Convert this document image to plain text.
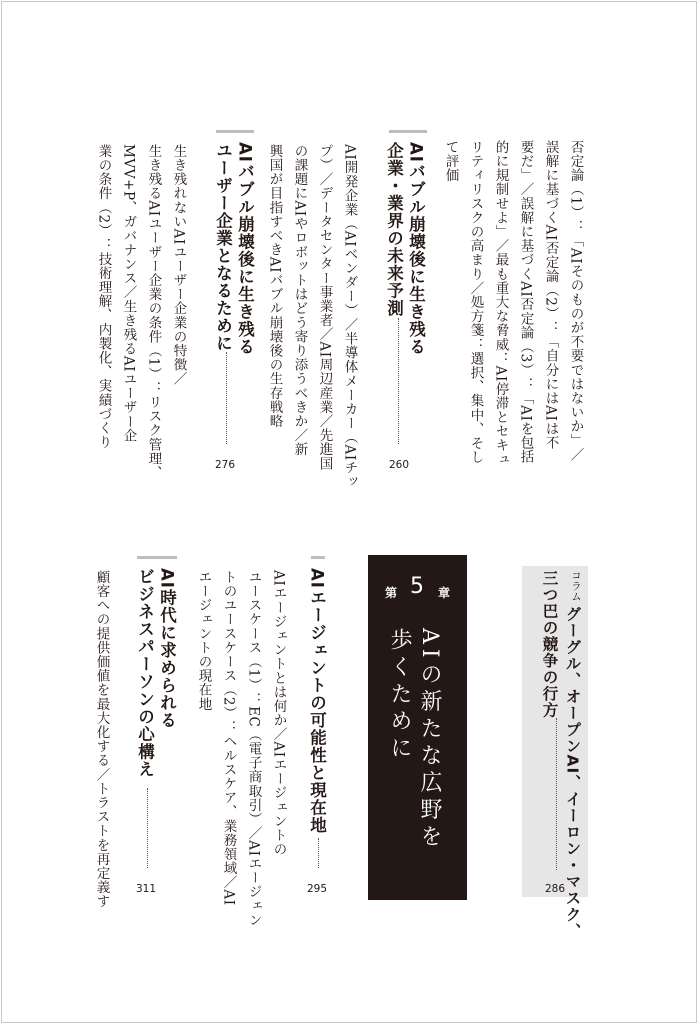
否定論（1）：「AIそのものが不要ではないか」／
誤解に基づくAI否定論（2）：「自分にはAIは不
要だ」／誤解に基づくAI否定論（3）：「AIを包括
的に規制せよ」／最も重大な脅威：AI停滞とセキュ
リティリスクの高まり／処方箋：選択、集中、そし
て評価
AIバブル崩壊後に生き残る
企業・業界の未来予測
260
AI開発企業（AIベンダー）／半導体メーカー（AIチッ
プ）／データセンター事業者／AI周辺産業／先進国
の課題にAIやロボットはどう寄り添うべきか／新
興国が目指すべきAIバブル崩壊後の生存戦略
AIバブル崩壊後に生き残る
ユーザー企業となるために
276
生き残れないAIユーザー企業の特徴／
生き残るAIユーザー企業の条件（1）：リスク管理、
MVV+P、ガバナンス／生き残るAIユーザー企
業の条件（2）：技術理解、内製化、実績づくり
コラム
グーグル、オープンAI、イーロン・マスク、
三つ巴の競争の行方
286
第 5	章
AIの新たな広野を
歩くために
AIエージェントの可能性と現在地
295
AIエージェントとは何か／AIエージェントの
ユースケース（1）：EC（電子商取引）／AIエージェン
トのユースケース（2）：ヘルスケア、業務領域／AI
エージェントの現在地
AI時代に求められる
ビジネスパーソンの心構え
311
顧客への提供価値を最大化する／トラストを再定義す
